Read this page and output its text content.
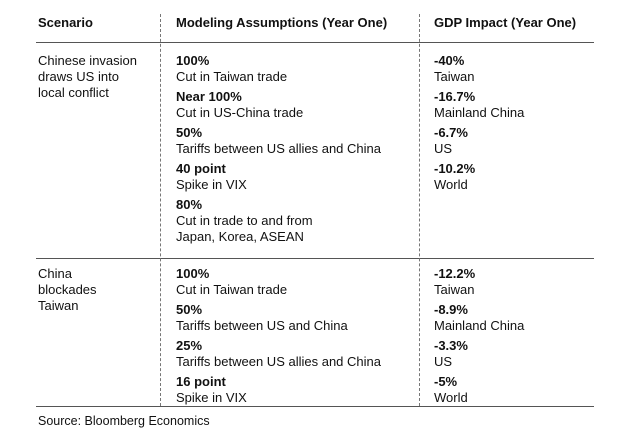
Scenario	Modeling Assumptions (Year One)	GDP Impact (Year One)
Chinese invasion
draws US into
local conflict
100%
Cut in Taiwan trade
Near 100%
Cut in US-China trade
50%
Tariffs between US allies and China
40 point
Spike in VIX
80%
Cut in trade to and from
Japan, Korea, ASEAN
-40%
Taiwan
-16.7%
Mainland China
-6.7%
US
-10.2%
World
China
blockades
Taiwan
100%
Cut in Taiwan trade
50%
Tariffs between US and China
25%
Tariffs between US allies and China
16 point
Spike in VIX
-12.2%
Taiwan
-8.9%
Mainland China
-3.3%
US
-5%
World
Source: Bloomberg Economics
